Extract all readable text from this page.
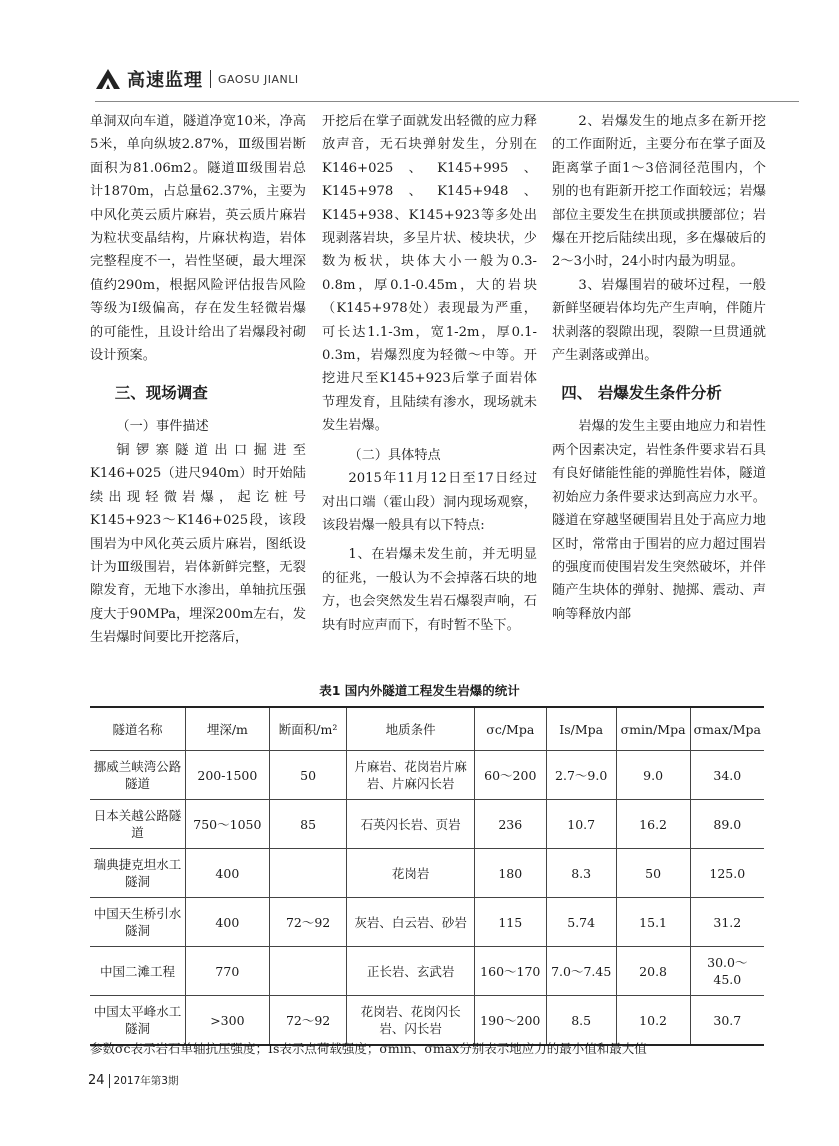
高速监理 GAOSU JIANLI

单洞双向车道，隧道净宽10米，净高5米，单向纵坡2.87%，Ⅲ级围岩断面积为81.06m2。隧道Ⅲ级围岩总计1870m，占总量62.37%，主要为中风化英云质片麻岩，英云质片麻岩为粒状变晶结构，片麻状构造，岩体完整程度不一，岩性坚硬，最大埋深值约290m，根据风险评估报告风险等级为Ⅰ级偏高，存在发生轻微岩爆的可能性，且设计给出了岩爆段衬砌设计预案。

三、现场调查

（一）事件描述

铜锣寨隧道出口掘进至K146+025（进尺940m）时开始陆续出现轻微岩爆，起讫桩号K145+923～K146+025段，该段围岩为中风化英云质片麻岩，图纸设计为Ⅲ级围岩，岩体新鲜完整，无裂隙发育，无地下水渗出，单轴抗压强度大于90MPa，埋深200m左右，发生岩爆时间要比开挖落后，

开挖后在掌子面就发出轻微的应力释放声音，无石块弹射发生，分别在K146+025、K145+995、K145+978、K145+948、K145+938、K145+923等多处出现剥落岩块，多呈片状、棱块状，少数为板状，块体大小一般为0.3-0.8m，厚0.1-0.45m，大的岩块（K145+978处）表现最为严重，可长达1.1-3m，宽1-2m，厚0.1-0.3m，岩爆烈度为轻微～中等。开挖进尺至K145+923后掌子面岩体节理发育，且陆续有渗水，现场就未发生岩爆。

（二）具体特点

2015年11月12日至17日经过对出口端（霍山段）洞内现场观察，该段岩爆一般具有以下特点:

1、在岩爆未发生前，并无明显的征兆，一般认为不会掉落石块的地方，也会突然发生岩石爆裂声响，石块有时应声而下，有时暂不坠下。

2、岩爆发生的地点多在新开挖的工作面附近，主要分布在掌子面及距离掌子面1～3倍洞径范围内，个别的也有距新开挖工作面较远；岩爆部位主要发生在拱顶或拱腰部位；岩爆在开挖后陆续出现，多在爆破后的2～3小时，24小时内最为明显。

3、岩爆围岩的破坏过程，一般新鲜坚硬岩体均先产生声响，伴随片状剥落的裂隙出现，裂隙一旦贯通就产生剥落或弹出。

四、 岩爆发生条件分析

岩爆的发生主要由地应力和岩性两个因素决定，岩性条件要求岩石具有良好储能性能的弹脆性岩体，隧道初始应力条件要求达到高应力水平。隧道在穿越坚硬围岩且处于高应力地区时，常常由于围岩的应力超过围岩的强度而使围岩发生突然破坏，并伴随产生块体的弹射、抛掷、震动、声响等释放内部

表1 国内外隧道工程发生岩爆的统计
隧道名称	埋深/m	断面积/m²	地质条件	σc/Mpa	Is/Mpa	σmin/Mpa	σmax/Mpa
挪威兰峡湾公路隧道	200-1500	50	片麻岩、花岗岩片麻岩、片麻闪长岩	60～200	2.7～9.0	9.0	34.0
日本关越公路隧道	750～1050	85	石英闪长岩、页岩	236	10.7	16.2	89.0
瑞典捷克坦水工隧洞	400		花岗岩	180	8.3	50	125.0
中国天生桥引水隧洞	400	72～92	灰岩、白云岩、砂岩	115	5.74	15.1	31.2
中国二滩工程	770		正长岩、玄武岩	160～170	7.0～7.45	20.8	30.0～45.0
中国太平峰水工隧洞	>300	72～92	花岗岩、花岗闪长岩、闪长岩	190～200	8.5	10.2	30.7
参数σc表示岩石单轴抗压强度；Is表示点荷载强度；σmin、σmax分别表示地应力的最小值和最大值
24 2017年第3期
